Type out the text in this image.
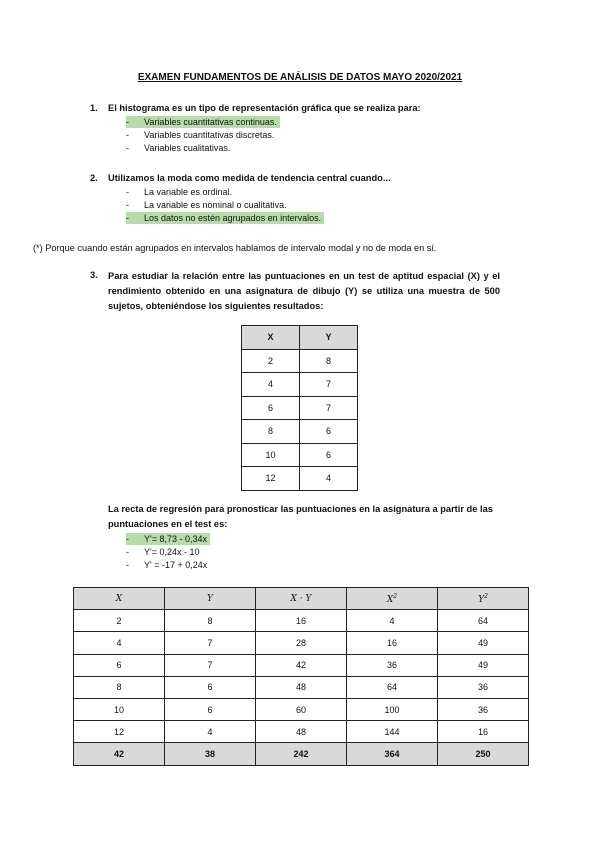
EXAMEN FUNDAMENTOS DE ANÁLISIS DE DATOS MAYO 2020/2021
1. El histograma es un tipo de representación gráfica que se realiza para:
- Variables cuantitativas continuas.
- Variables cuantitativas discretas.
- Variables cualitativas.
2. Utilizamos la moda como medida de tendencia central cuando...
- La variable es ordinal.
- La variable es nominal o cualitativa.
- Los datos no estén agrupados en intervalos.
(*) Porque cuando están agrupados en intervalos hablamos de intervalo modal y no de moda en sí.
3.	Para estudiar la relación entre las puntuaciones en un test de aptitud espacial (X) y el rendimiento obtenido en una asignatura de dibujo (Y) se utiliza una muestra de 500 sujetos, obteniéndose los siguientes resultados:
X	Y
2	8
4	7
6	7
8	6
10	6
12	4
La recta de regresión para pronosticar las puntuaciones en la asignatura a partir de las puntuaciones en el test es:
- Y'= 8,73 - 0,34x
- Y'= 0,24x - 10
- Y' = -17 + 0,24x
X	Y	X · Y	$X^2$	$Y^2$
2	8	16	4	64
4	7	28	16	49
6	7	42	36	49
8	6	48	64	36
10	6	60	100	36
12	4	48	144	16
42	38	242	364	250
